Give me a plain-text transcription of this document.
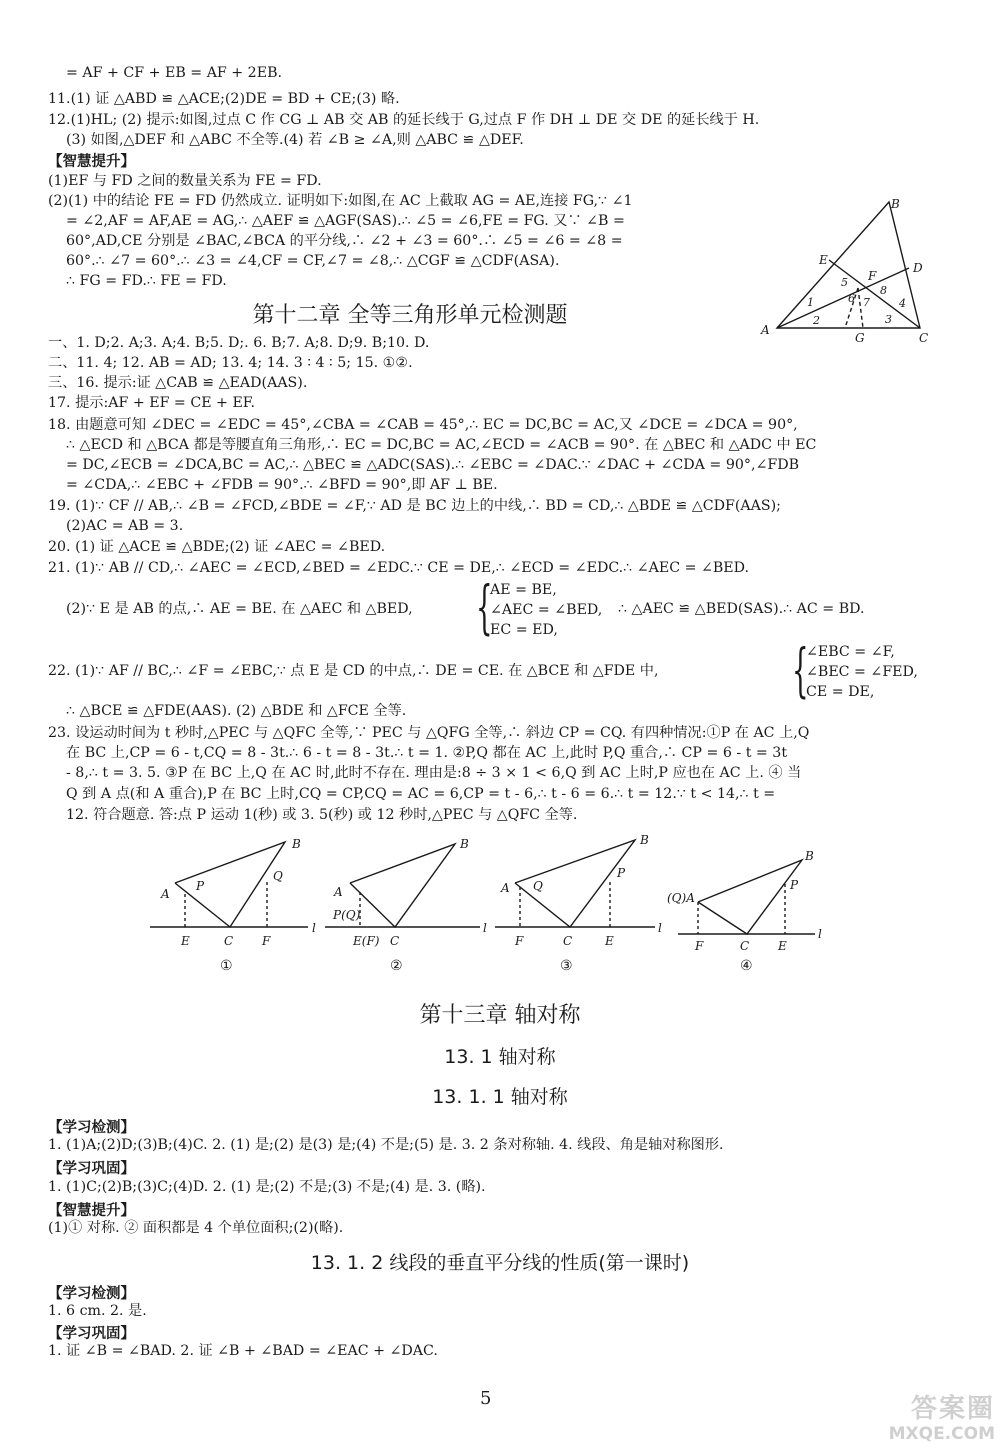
= AF + CF + EB = AF + 2EB.
11.(1) 证 △ABD ≌ △ACE;(2)DE = BD + CE;(3) 略.
12.(1)HL; (2) 提示:如图,过点 C 作 CG ⊥ AB 交 AB 的延长线于 G,过点 F 作 DH ⊥ DE 交 DE 的延长线于 H.
(3) 如图,△DEF 和 △ABC 不全等.(4) 若 ∠B ≥ ∠A,则 △ABC ≌ △DEF.
【智慧提升】
(1)EF 与 FD 之间的数量关系为 FE = FD.
(2)(1) 中的结论 FE = FD 仍然成立. 证明如下:如图,在 AC 上截取 AG = AE,连接 FG,∵ ∠1
= ∠2,AF = AF,AE = AG,∴ △AEF ≌ △AGF(SAS).∴ ∠5 = ∠6,FE = FG. 又∵ ∠B =
60°,AD,CE 分别是 ∠BAC,∠BCA 的平分线,∴ ∠2 + ∠3 = 60°.∴ ∠5 = ∠6 = ∠8 =
60°.∴ ∠7 = 60°.∴ ∠3 = ∠4,CF = CF,∠7 = ∠8,∴ △CGF ≌ △CDF(ASA).
∴ FG = FD.∴ FE = FD.
A
B
C
D
E
F
G
1
2	3
4
5
6 7
8
第十二章 全等三角形单元检测题
一、1. D;2. A;3. A;4. B;5. D;. 6. B;7. A;8. D;9. B;10. D.
二、11. 4; 12. AB = AD; 13. 4; 14. 3 ∶ 4 ∶ 5; 15. ①②.
三、16. 提示:证 △CAB ≌ △EAD(AAS).
17. 提示:AF + EF = CE + EF.
18. 由题意可知 ∠DEC = ∠EDC = 45°,∠CBA = ∠CAB = 45°,∴ EC = DC,BC = AC,又 ∠DCE = ∠DCA = 90°,
∴ △ECD 和 △BCA 都是等腰直角三角形,∴ EC = DC,BC = AC,∠ECD = ∠ACB = 90°. 在 △BEC 和 △ADC 中 EC
= DC,∠ECB = ∠DCA,BC = AC,∴ △BEC ≌ △ADC(SAS).∴ ∠EBC = ∠DAC.∵ ∠DAC + ∠CDA = 90°,∠FDB
= ∠CDA,∴ ∠EBC + ∠FDB = 90°.∴ ∠BFD = 90°,即 AF ⊥ BE.
19. (1)∵ CF // AB,∴ ∠B = ∠FCD,∠BDE = ∠F,∵ AD 是 BC 边上的中线,∴ BD = CD,∴ △BDE ≌ △CDF(AAS);
(2)AC = AB = 3.
20. (1) 证 △ACE ≌ △BDE;(2) 证 ∠AEC = ∠BED.
21. (1)∵ AB // CD,∴ ∠AEC = ∠ECD,∠BED = ∠EDC.∵ CE = DE,∴ ∠ECD = ∠EDC.∴ ∠AEC = ∠BED.
(2)∵ E 是 AB 的点,∴ AE = BE. 在 △AEC 和 △BED, {
AE = BE,
∠AEC = ∠BED,
EC = ED,
∴ △AEC ≌ △BED(SAS).∴ AC = BD.
22. (1)∵ AF // BC,∴ ∠F = ∠EBC,∵ 点 E 是 CD 的中点,∴ DE = CE. 在 △BCE 和 △FDE 中, {
∠EBC = ∠F,
∠BEC = ∠FED,
CE = DE,
∴ △BCE ≌ △FDE(AAS). (2) △BDE 和 △FCE 全等.
23. 设运动时间为 t 秒时,△PEC 与 △QFC 全等,∵ PEC 与 △QFG 全等,∴ 斜边 CP = CQ. 有四种情况:①P 在 AC 上,Q
在 BC 上,CP = 6 - t,CQ = 8 - 3t.∴ 6 - t = 8 - 3t.∴ t = 1. ②P,Q 都在 AC 上,此时 P,Q 重合,∴ CP = 6 - t = 3t
- 8,∴ t = 3. 5. ③P 在 BC 上,Q 在 AC 时,此时不存在. 理由是:8 ÷ 3 × 1 < 6,Q 到 AC 上时,P 应也在 AC 上. ④ 当
Q 到 A 点(和 A 重合),P 在 BC 上时,CQ = CP,CQ = AC = 6,CP = t - 6,∴ t - 6 = 6.∴ t = 12.∵ t < 14,∴ t =
12. 符合题意. 答:点 P 运动 1(秒) 或 3. 5(秒) 或 12 秒时,△PEC 与 △QFC 全等.
A
B
P
Q
E	C F
l
A
B
P(Q)
E(F) C
l
A
B
Q
P
F	C	E
l
(Q)A
B
P
F	C E
l
①	②	③	④
第十三章 轴对称
13. 1 轴对称
13. 1. 1 轴对称
【学习检测】
1. (1)A;(2)D;(3)B;(4)C. 2. (1) 是;(2) 是(3) 是;(4) 不是;(5) 是. 3. 2 条对称轴. 4. 线段、角是轴对称图形.
【学习巩固】
1. (1)C;(2)B;(3)C;(4)D. 2. (1) 是;(2) 不是;(3) 不是;(4) 是. 3. (略).
【智慧提升】
(1)① 对称. ② 面积都是 4 个单位面积;(2)(略).
13. 1. 2 线段的垂直平分线的性质(第一课时)
【学习检测】
1. 6 cm. 2. 是.
【学习巩固】
1. 证 ∠B = ∠BAD. 2. 证 ∠B + ∠BAD = ∠EAC + ∠DAC.
5	答案圈
MXQE.COM
